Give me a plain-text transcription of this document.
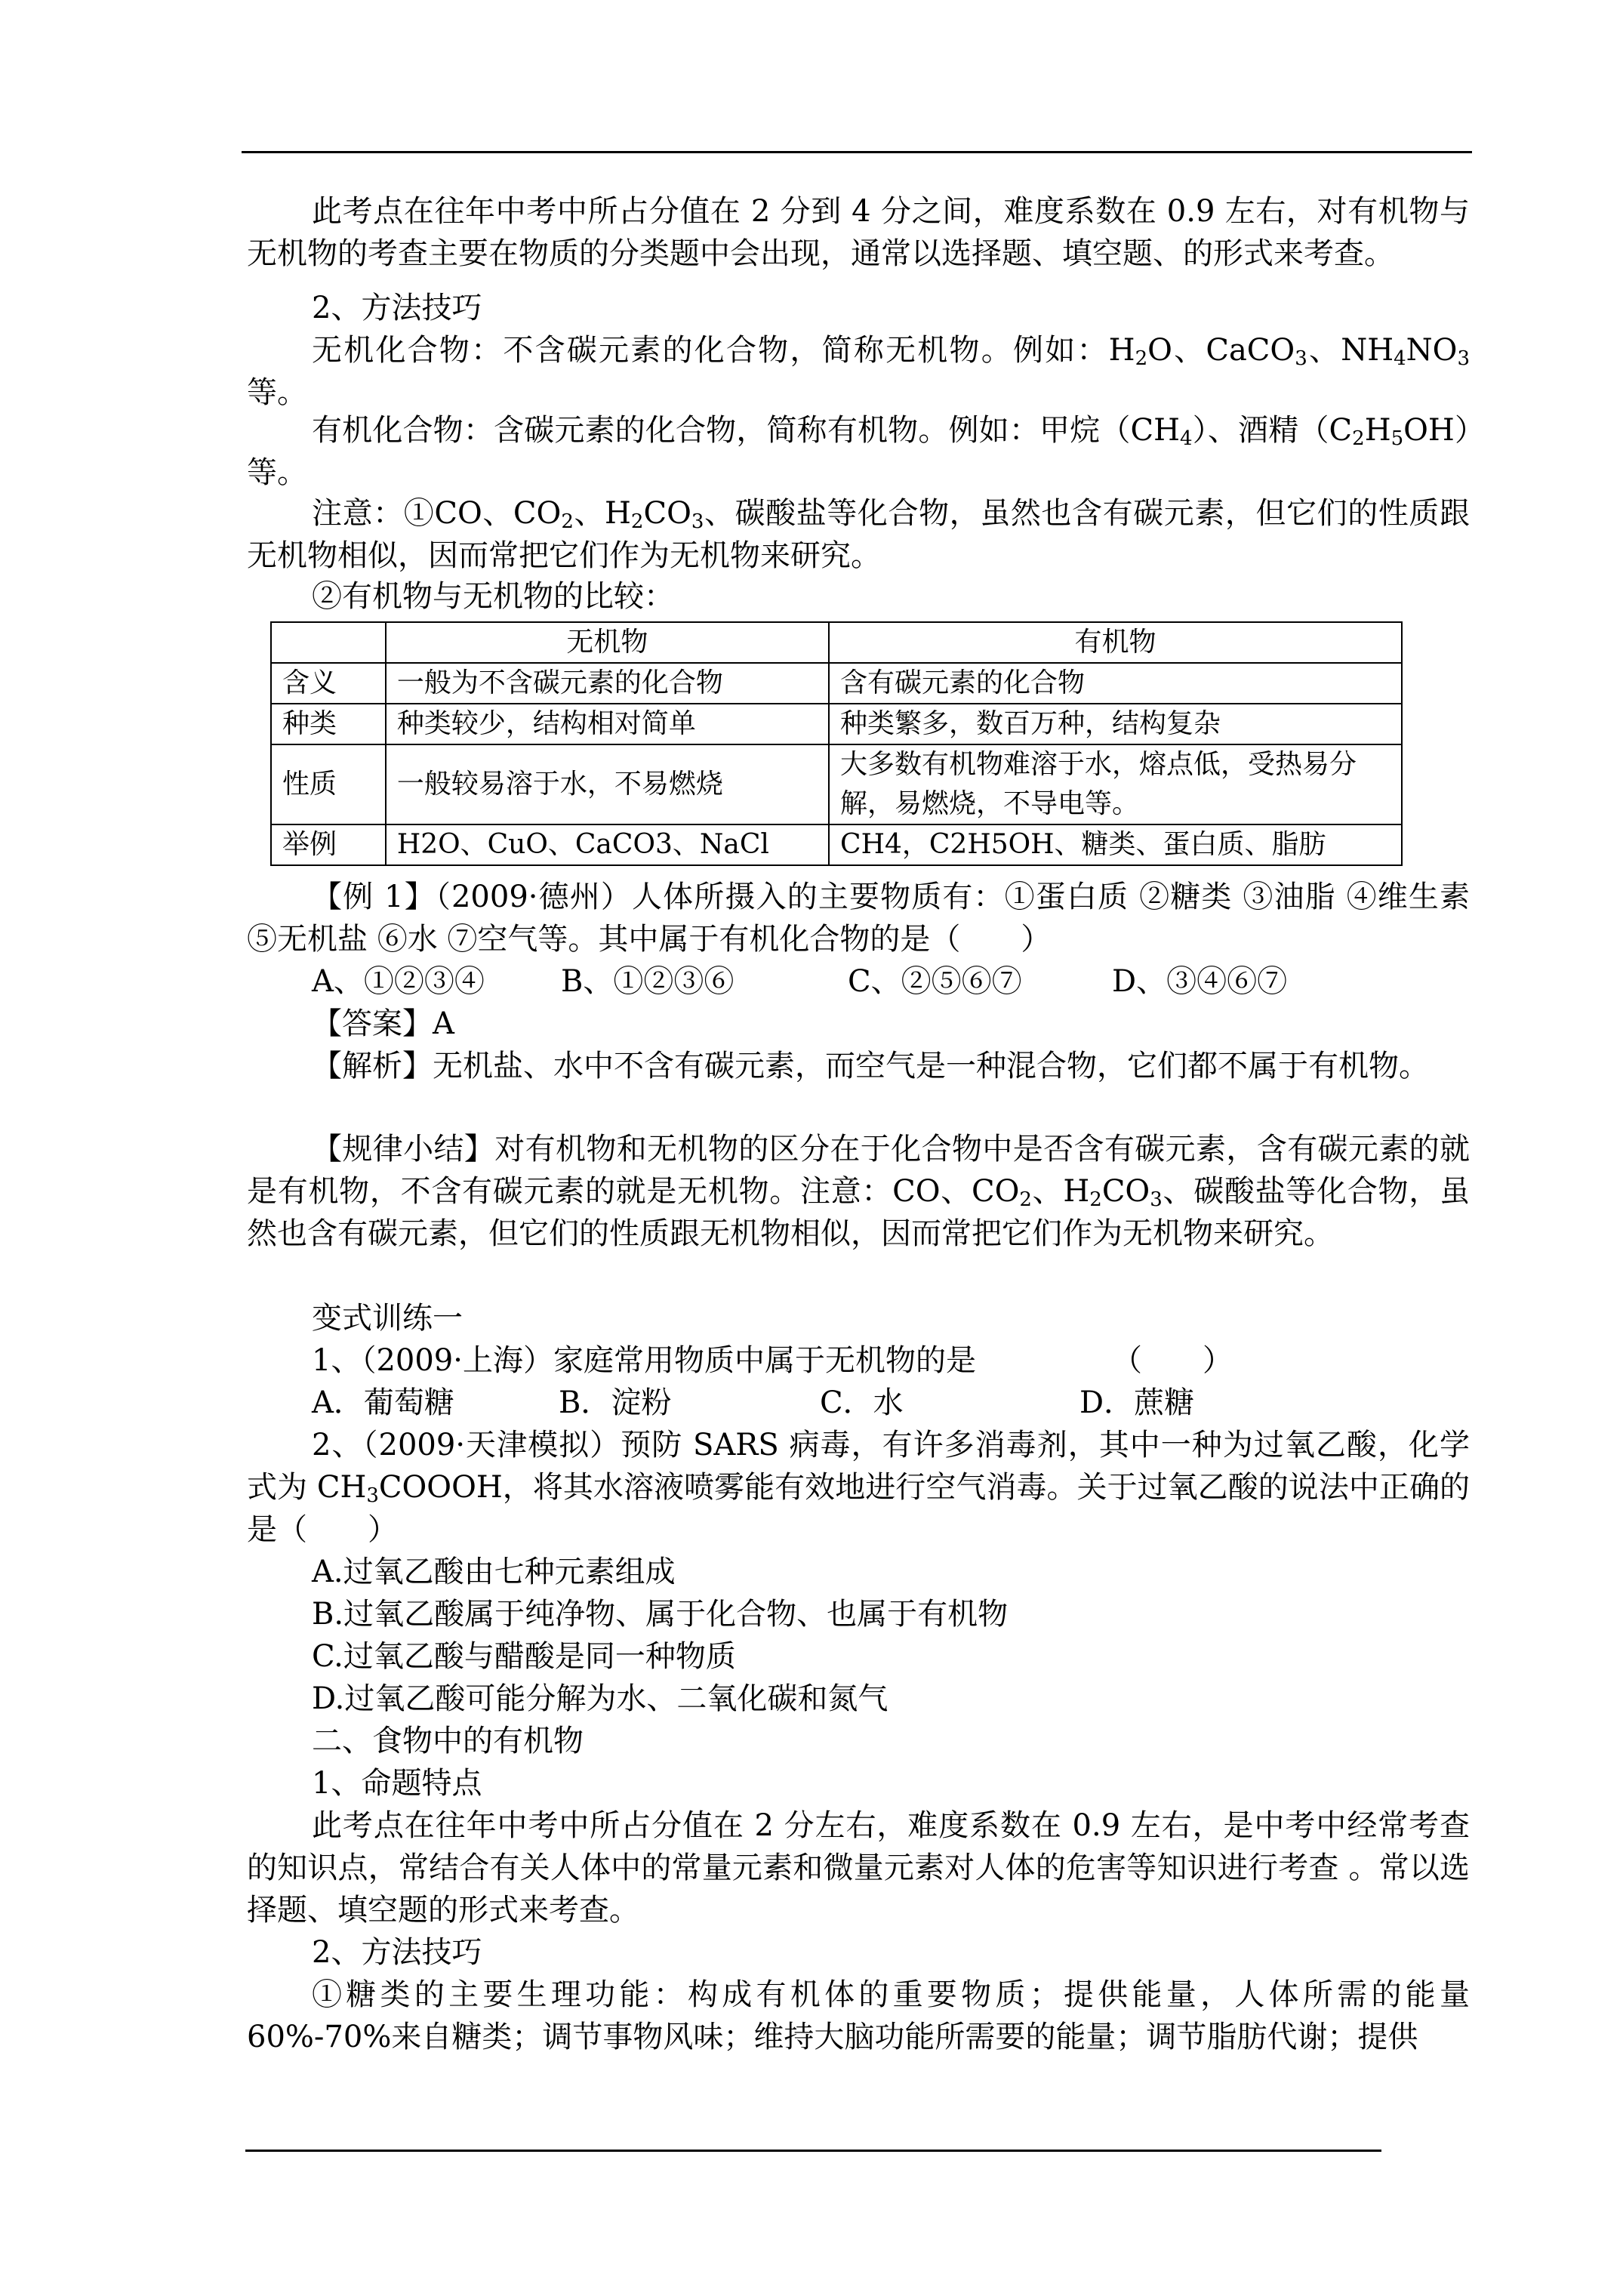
此考点在往年中考中所占分值在 2 分到 4 分之间，难度系数在 0.9 左右，对有机物与无机物的考查主要在物质的分类题中会出现，通常以选择题、填空题、的形式来考查。

2、方法技巧

无机化合物：不含碳元素的化合物，简称无机物。例如：$H_2O$、CaCO$_3$、$NH_4NO_3$等。

有机化合物：含碳元素的化合物，简称有机物。例如：甲烷$(CH_4)$、酒精$(C_2H_5OH)$等。

注意：①CO、$CO_2$、$H_2CO_3$、碳酸盐等化合物，虽然也含有碳元素，但它们的性质跟无机物相似，因而常把它们作为无机物来研究。

②有机物与无机物的比较：

	无机物	有机物
含义	一般为不含碳元素的化合物	含有碳元素的化合物
种类	种类较少，结构相对简单	种类繁多，数百万种，结构复杂
性质	一般较易溶于水，不易燃烧	大多数有机物难溶于水，熔点低，受热易分解，易燃烧，不导电等。
举例	H2O、CuO、CaCO3、NaCl	CH4，C2H5OH、糖类、蛋白质、脂肪

【例 1】（2009·德州）人体所摄入的主要物质有：①蛋白质 ②糖类 ③油脂 ④维生素 ⑤无机盐 ⑥水 ⑦空气等。其中属于有机化合物的是（　　）

A、①②③④	B、①②③⑥	C、②⑤⑥⑦	D、③④⑥⑦

【答案】A

【解析】无机盐、水中不含有碳元素，而空气是一种混合物，它们都不属于有机物。

【规律小结】对有机物和无机物的区分在于化合物中是否含有碳元素，含有碳元素的就是有机物，不含有碳元素的就是无机物。注意：CO、$CO_2$、$H_2CO_3$、碳酸盐等化合物，虽然也含有碳元素，但它们的性质跟无机物相似，因而常把它们作为无机物来研究。

变式训练一

1、（2009·上海）家庭常用物质中属于无机物的是　　　　　（　　）

A．葡萄糖	B．淀粉	C．水	D．蔗糖

2、（2009·天津模拟）预防 SARS 病毒，有许多消毒剂，其中一种为过氧乙酸，化学式为 $CH_3COOOH$，将其水溶液喷雾能有效地进行空气消毒。关于过氧乙酸的说法中正确的是（　　）

A.过氧乙酸由七种元素组成

B.过氧乙酸属于纯净物、属于化合物、也属于有机物

C.过氧乙酸与醋酸是同一种物质

D.过氧乙酸可能分解为水、二氧化碳和氮气

二、食物中的有机物

1、命题特点

此考点在往年中考中所占分值在 2 分左右，难度系数在 0.9 左右，是中考中经常考查的知识点，常结合有关人体中的常量元素和微量元素对人体的危害等知识进行考查 。常以选择题、填空题的形式来考查。

2、方法技巧

①糖类的主要生理功能：构成有机体的重要物质；提供能量，人体所需的能量60%-70%来自糖类；调节事物风味；维持大脑功能所需要的能量；调节脂肪代谢；提供
